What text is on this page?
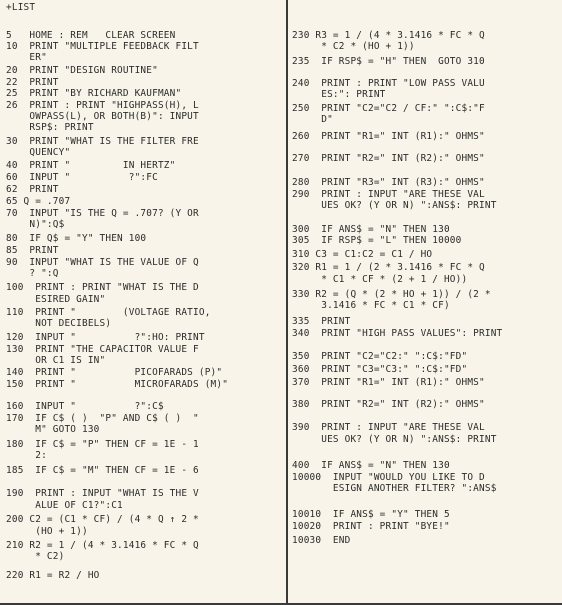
+LIST
5   HOME : REM   CLEAR SCREEN
10  PRINT "MULTIPLE FEEDBACK FILT
ER"
20  PRINT "DESIGN ROUTINE"
22  PRINT
25  PRINT "BY RICHARD KAUFMAN"
26  PRINT : PRINT "HIGHPASS(H), L
OWPASS(L), OR BOTH(B)": INPUT
RSP$: PRINT
30  PRINT "WHAT IS THE FILTER FRE
QUENCY"
40  PRINT "         IN HERTZ"
60  INPUT "          ?":FC
62  PRINT
65 Q = .707
70  INPUT "IS THE Q = .707? (Y OR
N)":Q$
80  IF Q$ = "Y" THEN 100
85  PRINT
90  INPUT "WHAT IS THE VALUE OF Q
? ":Q
100  PRINT : PRINT "WHAT IS THE D
ESIRED GAIN"
110  PRINT "        (VOLTAGE RATIO,
NOT DECIBELS)
120  INPUT "          ?":HO: PRINT
130  PRINT "THE CAPACITOR VALUE F
OR C1 IS IN"
140  PRINT "          PICOFARADS (P)"
150  PRINT "          MICROFARADS (M)"
160  INPUT "          ?":C$
170  IF C$ ( )  "P" AND C$ ( )  "
M" GOTO 130
180  IF C$ = "P" THEN CF = 1E - 1
2:
185  IF C$ = "M" THEN CF = 1E - 6
190  PRINT : INPUT "WHAT IS THE V
ALUE OF C1?":C1
200 C2 = (C1 * CF) / (4 * Q ↑ 2 *
(HO + 1))
210 R2 = 1 / (4 * 3.1416 * FC * Q
* C2)
220 R1 = R2 / HO
230 R3 = 1 / (4 * 3.1416 * FC * Q
* C2 * (HO + 1))
235  IF RSP$ = "H" THEN  GOTO 310
240  PRINT : PRINT "LOW PASS VALU
ES:": PRINT
250  PRINT "C2="C2 / CF:" ":C$:"F
D"
260  PRINT "R1=" INT (R1):" OHMS"
270  PRINT "R2=" INT (R2):" OHMS"
280  PRINT "R3=" INT (R3):" OHMS"
290  PRINT : INPUT "ARE THESE VAL
UES OK? (Y OR N) ":ANS$: PRINT
300  IF ANS$ = "N" THEN 130
305  IF RSP$ = "L" THEN 10000
310 C3 = C1:C2 = C1 / HO
320 R1 = 1 / (2 * 3.1416 * FC * Q
* C1 * CF * (2 + 1 / HO))
330 R2 = (Q * (2 * HO + 1)) / (2 *
3.1416 * FC * C1 * CF)
335  PRINT
340  PRINT "HIGH PASS VALUES": PRINT
350  PRINT "C2="C2:" ":C$:"FD"
360  PRINT "C3="C3:" ":C$:"FD"
370  PRINT "R1=" INT (R1):" OHMS"
380  PRINT "R2=" INT (R2):" OHMS"
390  PRINT : INPUT "ARE THESE VAL
UES OK? (Y OR N) ":ANS$: PRINT
400  IF ANS$ = "N" THEN 130
10000  INPUT "WOULD YOU LIKE TO D
ESIGN ANOTHER FILTER? ":ANS$
10010  IF ANS$ = "Y" THEN 5
10020  PRINT : PRINT "BYE!"
10030  END
